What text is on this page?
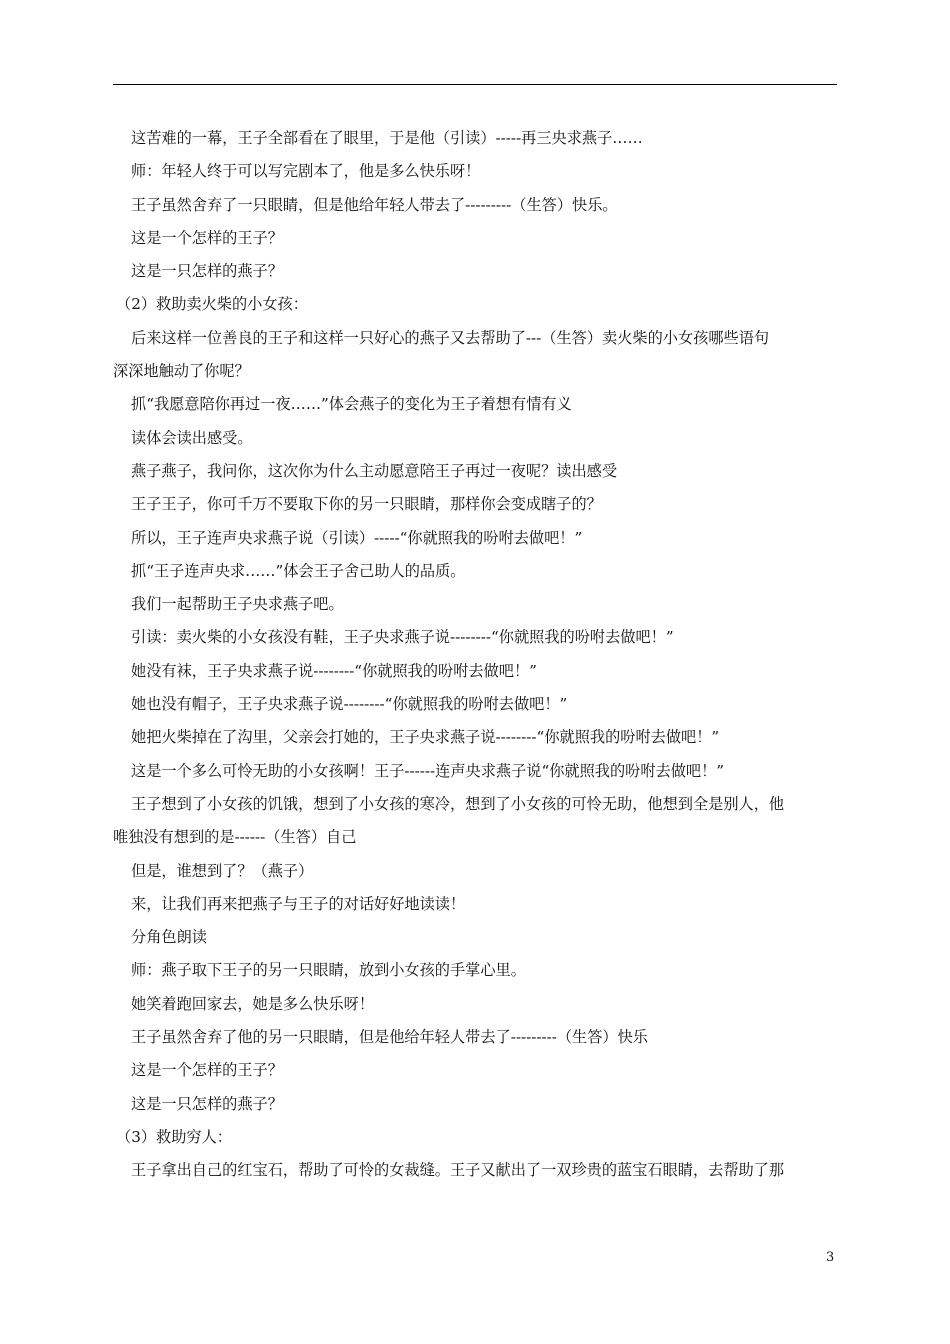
这苦难的一幕，王子全部看在了眼里，于是他（引读）-----再三央求燕子……
师：年轻人终于可以写完剧本了，他是多么快乐呀！
王子虽然舍弃了一只眼睛，但是他给年轻人带去了---------（生答）快乐。
这是一个怎样的王子？
这是一只怎样的燕子？
（2）救助卖火柴的小女孩：
后来这样一位善良的王子和这样一只好心的燕子又去帮助了---（生答）卖火柴的小女孩哪些语句
深深地触动了你呢？
抓“我愿意陪你再过一夜……”体会燕子的变化为王子着想有情有义
读体会读出感受。
燕子燕子，我问你，这次你为什么主动愿意陪王子再过一夜呢？读出感受
王子王子，你可千万不要取下你的另一只眼睛，那样你会变成瞎子的？
所以，王子连声央求燕子说（引读）-----“你就照我的吩咐去做吧！”
抓“王子连声央求……”体会王子舍己助人的品质。
我们一起帮助王子央求燕子吧。
引读：卖火柴的小女孩没有鞋，王子央求燕子说--------“你就照我的吩咐去做吧！”
她没有袜，王子央求燕子说--------“你就照我的吩咐去做吧！”
她也没有帽子，王子央求燕子说--------“你就照我的吩咐去做吧！”
她把火柴掉在了沟里，父亲会打她的，王子央求燕子说--------“你就照我的吩咐去做吧！”
这是一个多么可怜无助的小女孩啊！王子------连声央求燕子说“你就照我的吩咐去做吧！”
王子想到了小女孩的饥饿，想到了小女孩的寒冷，想到了小女孩的可怜无助，他想到全是别人，他
唯独没有想到的是------（生答）自己
但是，谁想到了？（燕子）
来，让我们再来把燕子与王子的对话好好地读读！
分角色朗读
师：燕子取下王子的另一只眼睛，放到小女孩的手掌心里。
她笑着跑回家去，她是多么快乐呀！
王子虽然舍弃了他的另一只眼睛，但是他给年轻人带去了---------（生答）快乐
这是一个怎样的王子？
这是一只怎样的燕子？
（3）救助穷人：
王子拿出自己的红宝石，帮助了可怜的女裁缝。王子又献出了一双珍贵的蓝宝石眼睛，去帮助了那
3
